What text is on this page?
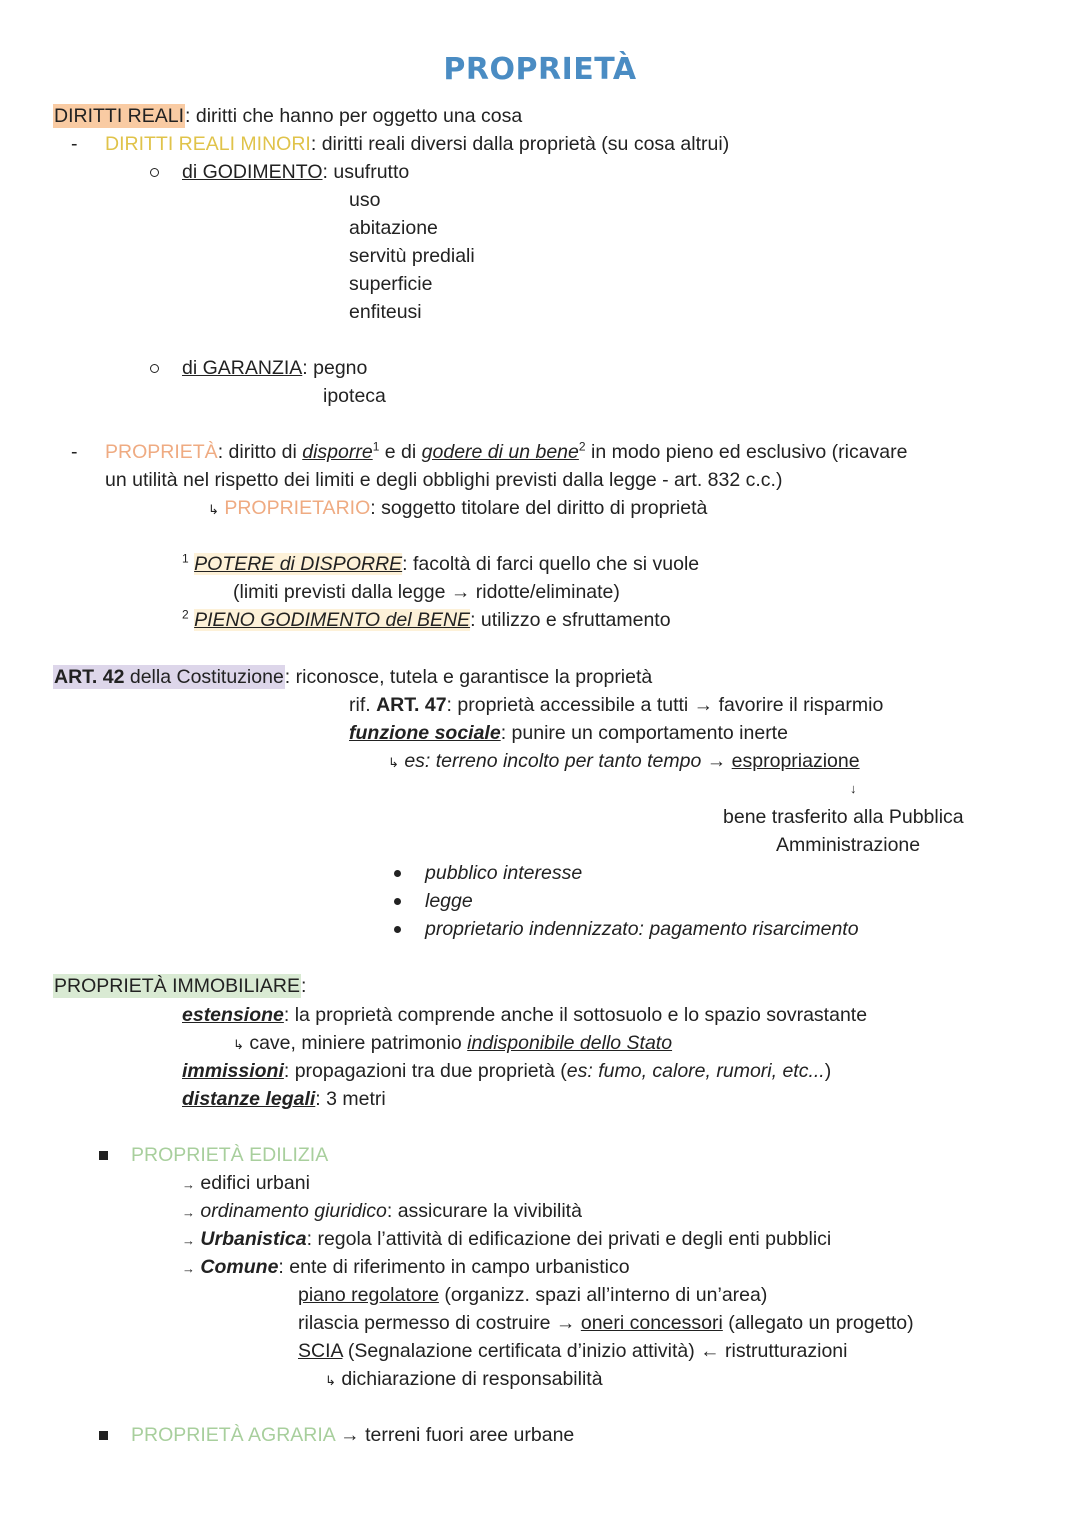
PROPRIETÀ
DIRITTI REALI: diritti che hanno per oggetto una cosa
- DIRITTI REALI MINORI: diritti reali diversi dalla proprietà (su cosa altrui)
di GODIMENTO: usufrutto
uso
abitazione
servitù prediali
superficie
enfiteusi
di GARANZIA: pegno
ipoteca
- PROPRIETÀ: diritto di disporre$^1$ e di godere di un bene$^2$ in modo pieno ed esclusivo (ricavare
un utilità nel rispetto dei limiti e degli obblighi previsti dalla legge - art. 832 c.c.)
↳ PROPRIETARIO: soggetto titolare del diritto di proprietà
$^1$ POTERE di DISPORRE: facoltà di farci quello che si vuole
(limiti previsti dalla legge → ridotte/eliminate)
$^2$ PIENO GODIMENTO del BENE: utilizzo e sfruttamento
ART. 42 della Costituzione: riconosce, tutela e garantisce la proprietà
rif. ART. 47: proprietà accessibile a tutti → favorire il risparmio
funzione sociale: punire un comportamento inerte
↳ es: terreno incolto per tanto tempo → espropriazione
↓
bene trasferito alla Pubblica
Amministrazione
pubblico interesse
legge
proprietario indennizzato: pagamento risarcimento
PROPRIETÀ IMMOBILIARE:
estensione: la proprietà comprende anche il sottosuolo e lo spazio sovrastante
↳ cave, miniere patrimonio indisponibile dello Stato
immissioni: propagazioni tra due proprietà (es: fumo, calore, rumori, etc...)
distanze legali: 3 metri
PROPRIETÀ EDILIZIA
→ edifici urbani
→ ordinamento giuridico: assicurare la vivibilità
→ Urbanistica: regola l’attività di edificazione dei privati e degli enti pubblici
→ Comune: ente di riferimento in campo urbanistico
piano regolatore (organizz. spazi all’interno di un’area)
rilascia permesso di costruire → oneri concessori (allegato un progetto)
SCIA (Segnalazione certificata d’inizio attività) ← ristrutturazioni
↳ dichiarazione di responsabilità
PROPRIETÀ AGRARIA → terreni fuori aree urbane
